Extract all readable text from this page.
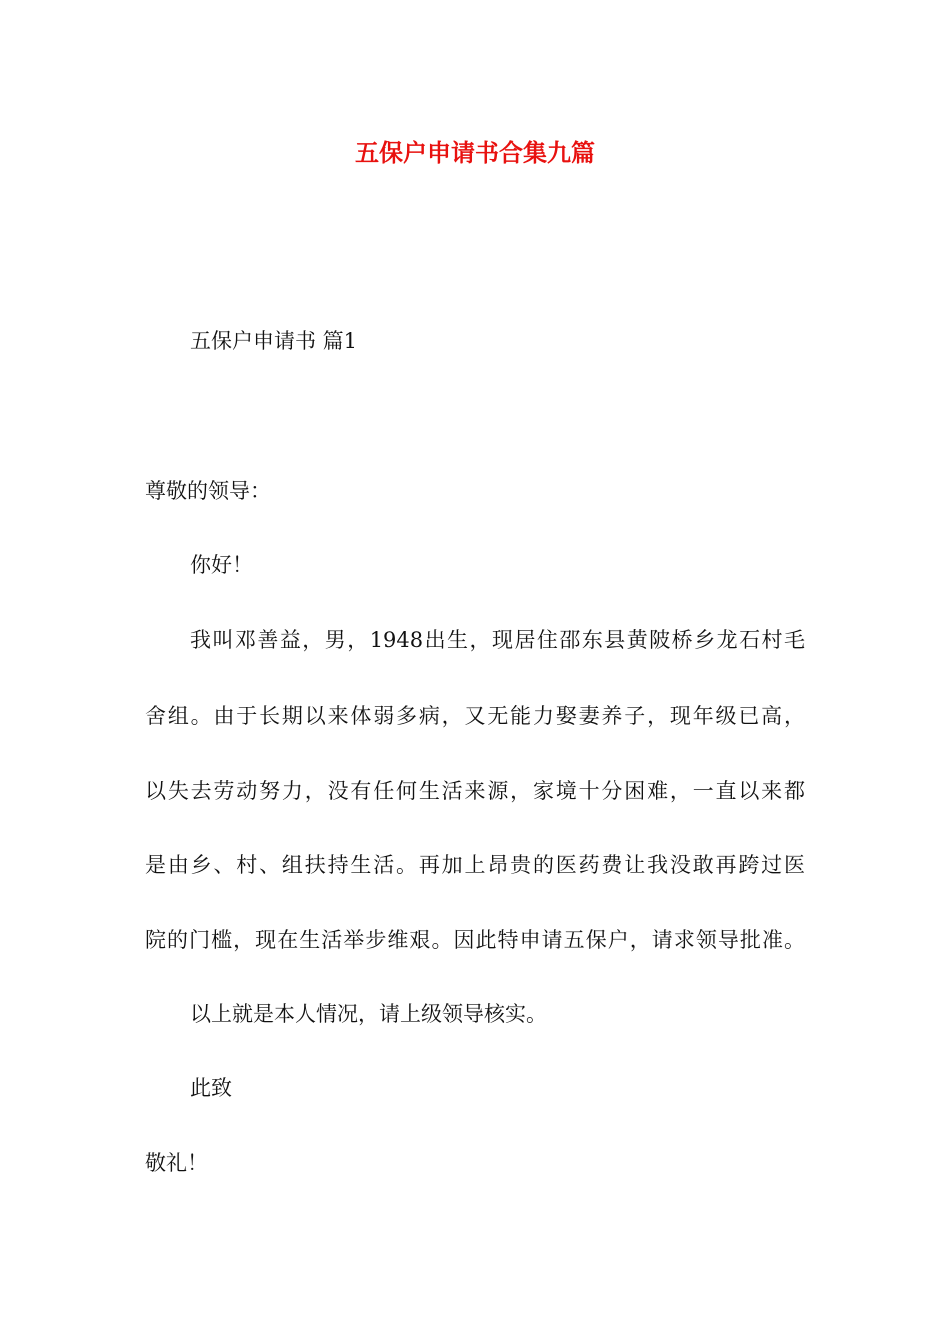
五保户申请书合集九篇
五保户申请书 篇1
尊敬的领导：
你好！
我叫邓善益，男，1948出生，现居住邵东县黄陂桥乡龙石村毛
舍组。由于长期以来体弱多病，又无能力娶妻养子，现年级已高，
以失去劳动努力，没有任何生活来源，家境十分困难，一直以来都
是由乡、村、组扶持生活。再加上昂贵的医药费让我没敢再跨过医
院的门槛，现在生活举步维艰。因此特申请五保户，请求领导批准。
以上就是本人情况，请上级领导核实。
此致
敬礼！
